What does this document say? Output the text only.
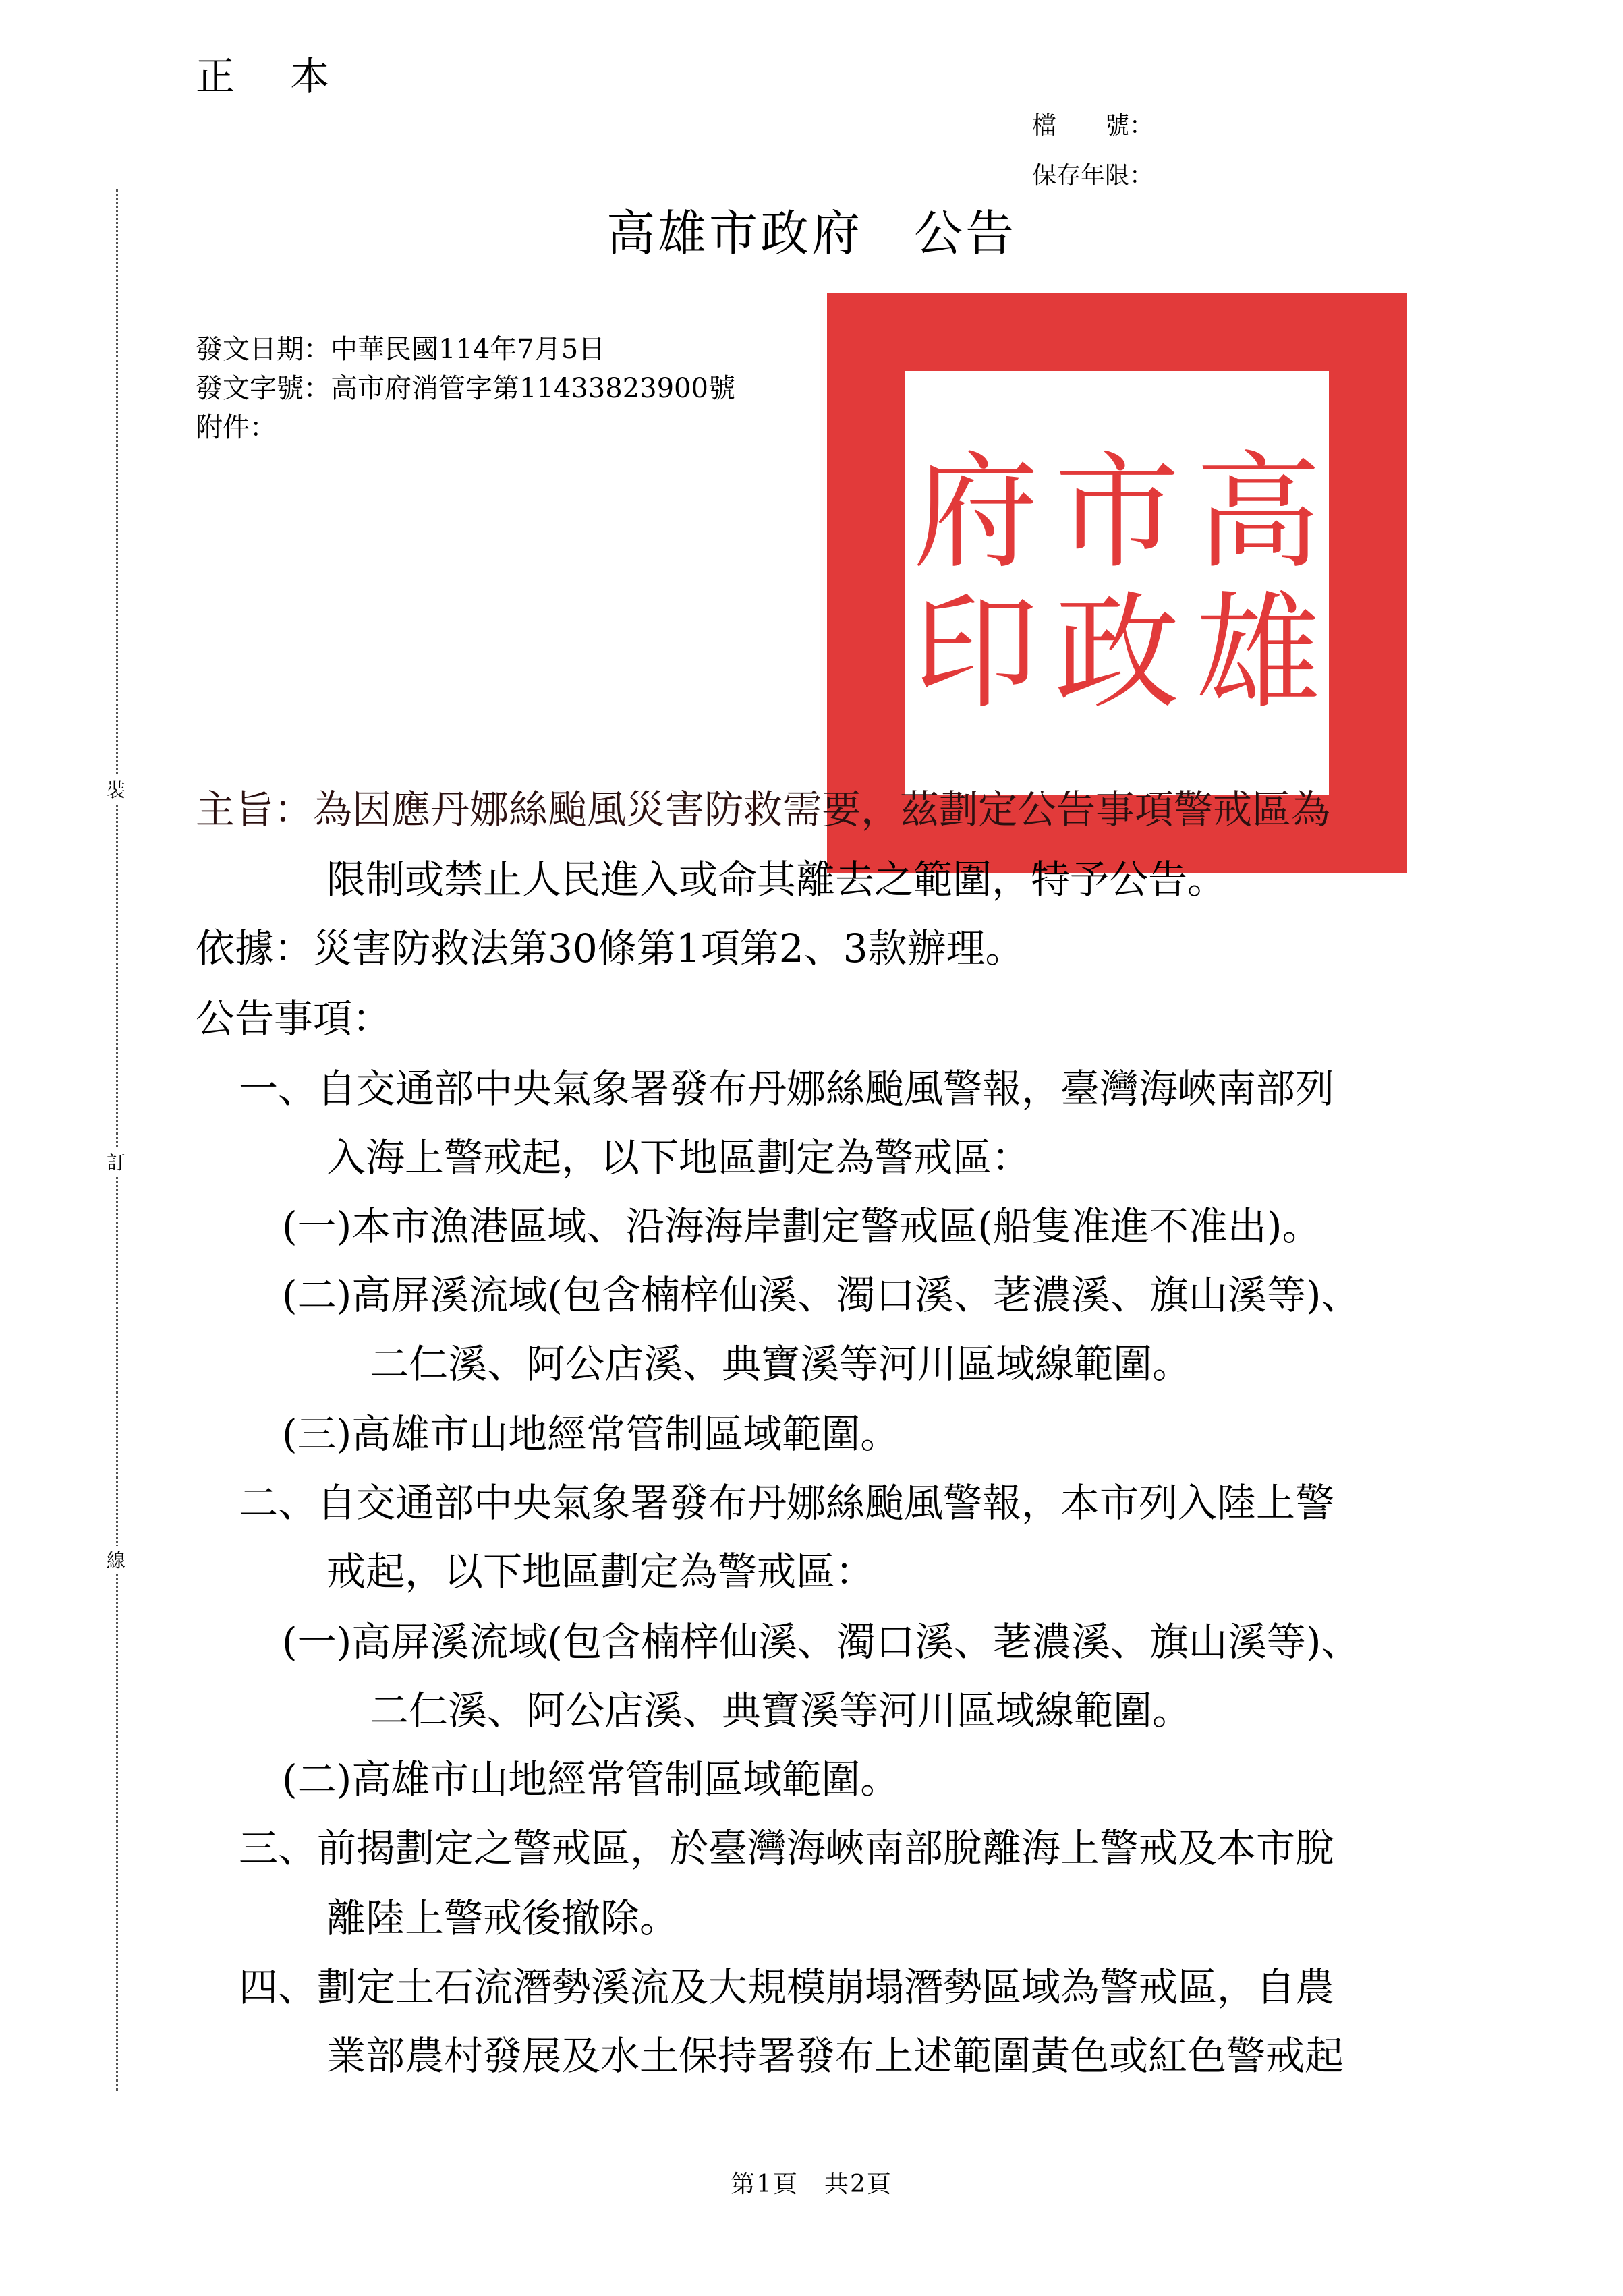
正 本
檔　　號：
保存年限：
裝
訂
線
高雄市政府　公告
發文日期：中華民國114年7月5日
發文字號：高市府消管字第11433823900號
附件：
高
雄
市
政
府
印
主旨：為因應丹娜絲颱風災害防救需要，茲劃定公告事項警戒區為
限制或禁止人民進入或命其離去之範圍，特予公告。
依據：災害防救法第30條第1項第2、3款辦理。
公告事項：
一、自交通部中央氣象署發布丹娜絲颱風警報，臺灣海峽南部列
入海上警戒起，以下地區劃定為警戒區：
(一)本市漁港區域、沿海海岸劃定警戒區(船隻准進不准出)。
(二)高屏溪流域(包含楠梓仙溪、濁口溪、荖濃溪、旗山溪等)、
二仁溪、阿公店溪、典寶溪等河川區域線範圍。
(三)高雄市山地經常管制區域範圍。
二、自交通部中央氣象署發布丹娜絲颱風警報，本市列入陸上警
戒起，以下地區劃定為警戒區：
(一)高屏溪流域(包含楠梓仙溪、濁口溪、荖濃溪、旗山溪等)、
二仁溪、阿公店溪、典寶溪等河川區域線範圍。
(二)高雄市山地經常管制區域範圍。
三、前揭劃定之警戒區，於臺灣海峽南部脫離海上警戒及本市脫
離陸上警戒後撤除。
四、劃定土石流潛勢溪流及大規模崩塌潛勢區域為警戒區，自農
業部農村發展及水土保持署發布上述範圍黃色或紅色警戒起
第1頁　共2頁
